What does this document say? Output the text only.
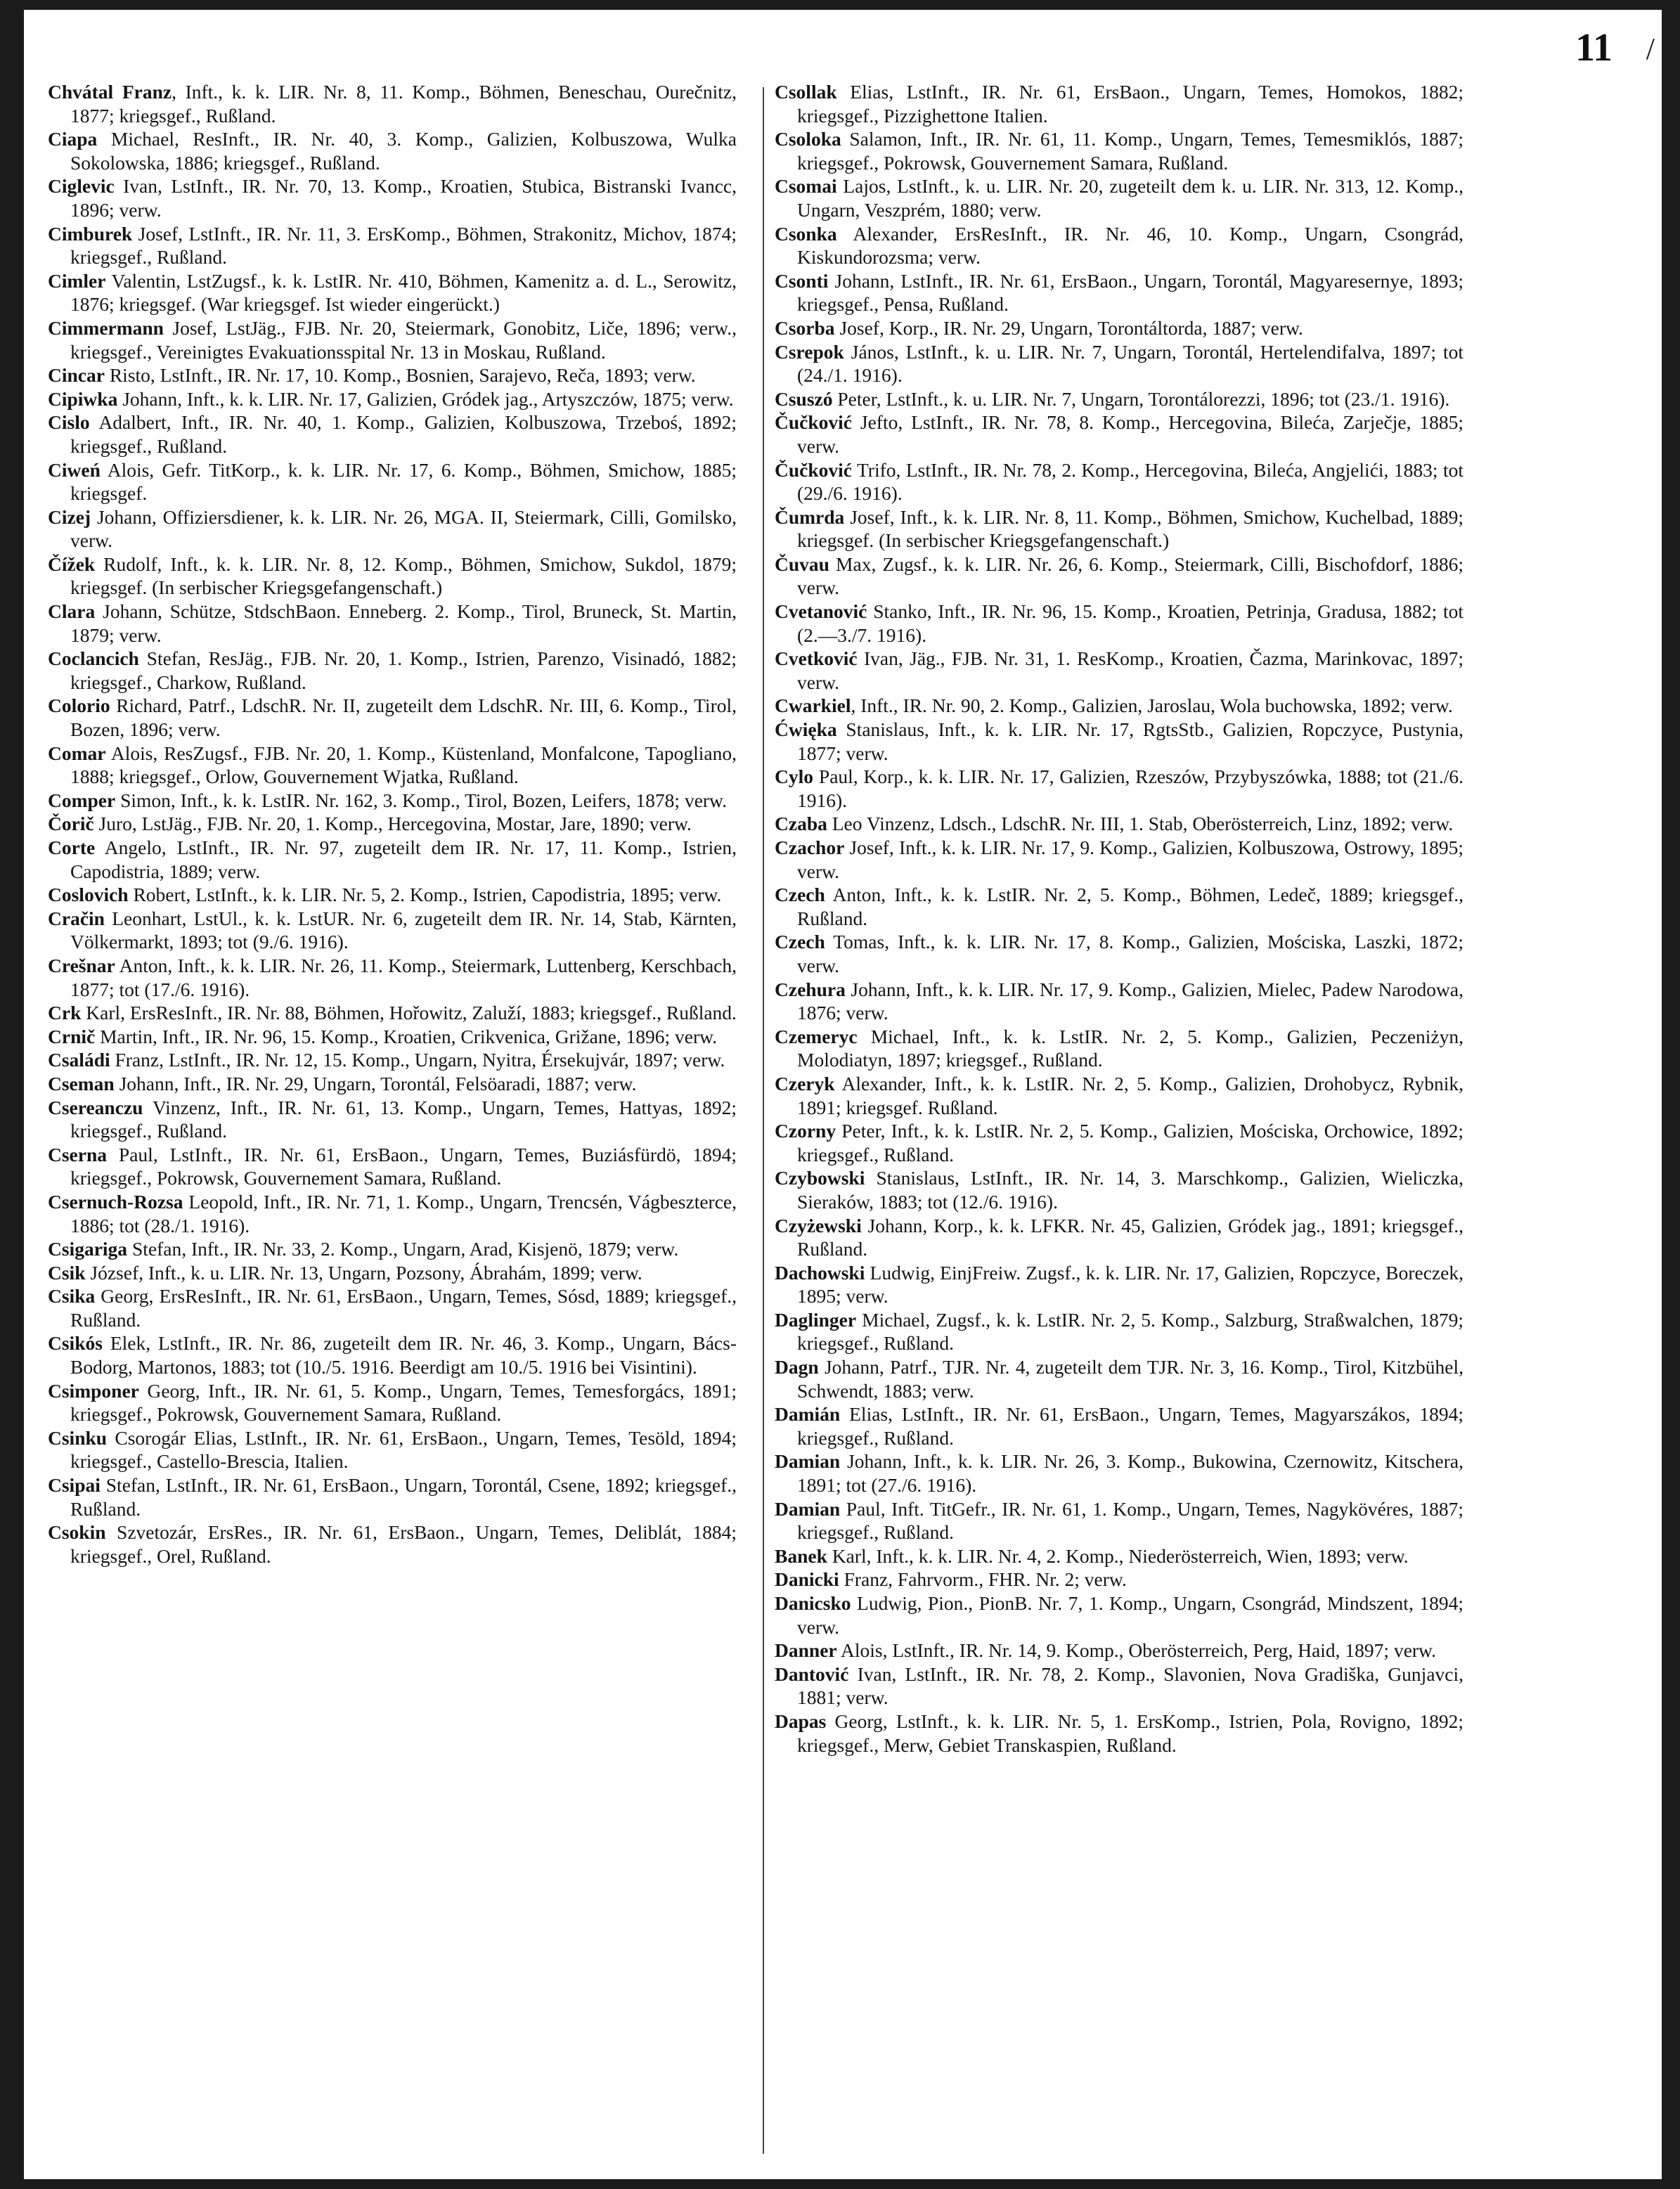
11 /

Chvátal Franz, Inft., k. k. LIR. Nr. 8, 11. Komp., Böhmen, Beneschau, Ourečnitz, 1877; kriegsgef., Rußland.

Ciapa Michael, ResInft., IR. Nr. 40, 3. Komp., Galizien, Kolbuszowa, Wulka Sokolowska, 1886; kriegsgef., Rußland.

Ciglevic Ivan, LstInft., IR. Nr. 70, 13. Komp., Kroatien, Stubica, Bistranski Ivancc, 1896; verw.

Cimburek Josef, LstInft., IR. Nr. 11, 3. ErsKomp., Böhmen, Strakonitz, Michov, 1874; kriegsgef., Rußland.

Cimler Valentin, LstZugsf., k. k. LstIR. Nr. 410, Böhmen, Kamenitz a. d. L., Serowitz, 1876; kriegsgef. (War kriegsgef. Ist wieder eingerückt.)

Cimmermann Josef, LstJäg., FJB. Nr. 20, Steiermark, Gonobitz, Liče, 1896; verw., kriegsgef., Vereinigtes Evakuationsspital Nr. 13 in Moskau, Rußland.

Cincar Risto, LstInft., IR. Nr. 17, 10. Komp., Bosnien, Sarajevo, Reča, 1893; verw.

Cipiwka Johann, Inft., k. k. LIR. Nr. 17, Galizien, Gródek jag., Artyszczów, 1875; verw.

Cislo Adalbert, Inft., IR. Nr. 40, 1. Komp., Galizien, Kolbuszowa, Trzeboś, 1892; kriegsgef., Rußland.

Ciweń Alois, Gefr. TitKorp., k. k. LIR. Nr. 17, 6. Komp., Böhmen, Smichow, 1885; kriegsgef.

Cizej Johann, Offiziersdiener, k. k. LIR. Nr. 26, MGA. II, Steiermark, Cilli, Gomilsko, verw.

Čížek Rudolf, Inft., k. k. LIR. Nr. 8, 12. Komp., Böhmen, Smichow, Sukdol, 1879; kriegsgef. (In serbischer Kriegsgefangenschaft.)

Clara Johann, Schütze, StdschBaon. Enneberg. 2. Komp., Tirol, Bruneck, St. Martin, 1879; verw.

Coclancich Stefan, ResJäg., FJB. Nr. 20, 1. Komp., Istrien, Parenzo, Visinadó, 1882; kriegsgef., Charkow, Rußland.

Colorio Richard, Patrf., LdschR. Nr. II, zugeteilt dem LdschR. Nr. III, 6. Komp., Tirol, Bozen, 1896; verw.

Comar Alois, ResZugsf., FJB. Nr. 20, 1. Komp., Küstenland, Monfalcone, Tapogliano, 1888; kriegsgef., Orlow, Gouvernement Wjatka, Rußland.

Comper Simon, Inft., k. k. LstIR. Nr. 162, 3. Komp., Tirol, Bozen, Leifers, 1878; verw.

Čorič Juro, LstJäg., FJB. Nr. 20, 1. Komp., Hercegovina, Mostar, Jare, 1890; verw.

Corte Angelo, LstInft., IR. Nr. 97, zugeteilt dem IR. Nr. 17, 11. Komp., Istrien, Capodistria, 1889; verw.

Coslovich Robert, LstInft., k. k. LIR. Nr. 5, 2. Komp., Istrien, Capodistria, 1895; verw.

Cračin Leonhart, LstUl., k. k. LstUR. Nr. 6, zugeteilt dem IR. Nr. 14, Stab, Kärnten, Völkermarkt, 1893; tot (9./6. 1916).

Crešnar Anton, Inft., k. k. LIR. Nr. 26, 11. Komp., Steiermark, Luttenberg, Kerschbach, 1877; tot (17./6. 1916).

Crk Karl, ErsResInft., IR. Nr. 88, Böhmen, Hořowitz, Zaluží, 1883; kriegsgef., Rußland.

Crnič Martin, Inft., IR. Nr. 96, 15. Komp., Kroatien, Crikvenica, Grižane, 1896; verw.

Családi Franz, LstInft., IR. Nr. 12, 15. Komp., Ungarn, Nyitra, Érsekujvár, 1897; verw.

Cseman Johann, Inft., IR. Nr. 29, Ungarn, Torontál, Felsöaradi, 1887; verw.

Csereanczu Vinzenz, Inft., IR. Nr. 61, 13. Komp., Ungarn, Temes, Hattyas, 1892; kriegsgef., Rußland.

Cserna Paul, LstInft., IR. Nr. 61, ErsBaon., Ungarn, Temes, Buziásfürdö, 1894; kriegsgef., Pokrowsk, Gouvernement Samara, Rußland.

Csernuch-Rozsa Leopold, Inft., IR. Nr. 71, 1. Komp., Ungarn, Trencsén, Vágbeszterce, 1886; tot (28./1. 1916).

Csigariga Stefan, Inft., IR. Nr. 33, 2. Komp., Ungarn, Arad, Kisjenö, 1879; verw.

Csik József, Inft., k. u. LIR. Nr. 13, Ungarn, Pozsony, Ábrahám, 1899; verw.

Csika Georg, ErsResInft., IR. Nr. 61, ErsBaon., Ungarn, Temes, Sósd, 1889; kriegsgef., Rußland.

Csikós Elek, LstInft., IR. Nr. 86, zugeteilt dem IR. Nr. 46, 3. Komp., Ungarn, Bács-Bodorg, Martonos, 1883; tot (10./5. 1916. Beerdigt am 10./5. 1916 bei Visintini).

Csimponer Georg, Inft., IR. Nr. 61, 5. Komp., Ungarn, Temes, Temesforgács, 1891; kriegsgef., Pokrowsk, Gouvernement Samara, Rußland.

Csinku Csorogár Elias, LstInft., IR. Nr. 61, ErsBaon., Ungarn, Temes, Tesöld, 1894; kriegsgef., Castello-Brescia, Italien.

Csipai Stefan, LstInft., IR. Nr. 61, ErsBaon., Ungarn, Torontál, Csene, 1892; kriegsgef., Rußland.

Csokin Szvetozár, ErsRes., IR. Nr. 61, ErsBaon., Ungarn, Temes, Deliblát, 1884; kriegsgef., Orel, Rußland.

Csollak Elias, LstInft., IR. Nr. 61, ErsBaon., Ungarn, Temes, Homokos, 1882; kriegsgef., Pizzighettone Italien.

Csoloka Salamon, Inft., IR. Nr. 61, 11. Komp., Ungarn, Temes, Temesmiklós, 1887; kriegsgef., Pokrowsk, Gouvernement Samara, Rußland.

Csomai Lajos, LstInft., k. u. LIR. Nr. 20, zugeteilt dem k. u. LIR. Nr. 313, 12. Komp., Ungarn, Veszprém, 1880; verw.

Csonka Alexander, ErsResInft., IR. Nr. 46, 10. Komp., Ungarn, Csongrád, Kiskundorozsma; verw.

Csonti Johann, LstInft., IR. Nr. 61, ErsBaon., Ungarn, Torontál, Magyaresernye, 1893; kriegsgef., Pensa, Rußland.

Csorba Josef, Korp., IR. Nr. 29, Ungarn, Torontáltorda, 1887; verw.

Csrepok János, LstInft., k. u. LIR. Nr. 7, Ungarn, Torontál, Hertelendifalva, 1897; tot (24./1. 1916).

Csuszó Peter, LstInft., k. u. LIR. Nr. 7, Ungarn, Torontálorezzi, 1896; tot (23./1. 1916).

Čučković Jefto, LstInft., IR. Nr. 78, 8. Komp., Hercegovina, Bileća, Zarječje, 1885; verw.

Čučković Trifo, LstInft., IR. Nr. 78, 2. Komp., Hercegovina, Bileća, Angjelići, 1883; tot (29./6. 1916).

Čumrda Josef, Inft., k. k. LIR. Nr. 8, 11. Komp., Böhmen, Smichow, Kuchelbad, 1889; kriegsgef. (In serbischer Kriegsgefangenschaft.)

Čuvau Max, Zugsf., k. k. LIR. Nr. 26, 6. Komp., Steiermark, Cilli, Bischofdorf, 1886; verw.

Cvetanović Stanko, Inft., IR. Nr. 96, 15. Komp., Kroatien, Petrinja, Gradusa, 1882; tot (2.—3./7. 1916).

Cvetković Ivan, Jäg., FJB. Nr. 31, 1. ResKomp., Kroatien, Čazma, Marinkovac, 1897; verw.

Cwarkiel, Inft., IR. Nr. 90, 2. Komp., Galizien, Jaroslau, Wola buchowska, 1892; verw.

Ćwięka Stanislaus, Inft., k. k. LIR. Nr. 17, RgtsStb., Galizien, Ropczyce, Pustynia, 1877; verw.

Cylo Paul, Korp., k. k. LIR. Nr. 17, Galizien, Rzeszów, Przybyszówka, 1888; tot (21./6. 1916).

Czaba Leo Vinzenz, Ldsch., LdschR. Nr. III, 1. Stab, Oberösterreich, Linz, 1892; verw.

Czachor Josef, Inft., k. k. LIR. Nr. 17, 9. Komp., Galizien, Kolbuszowa, Ostrowy, 1895; verw.

Czech Anton, Inft., k. k. LstIR. Nr. 2, 5. Komp., Böhmen, Ledeč, 1889; kriegsgef., Rußland.

Czech Tomas, Inft., k. k. LIR. Nr. 17, 8. Komp., Galizien, Mościska, Laszki, 1872; verw.

Czehura Johann, Inft., k. k. LIR. Nr. 17, 9. Komp., Galizien, Mielec, Padew Narodowa, 1876; verw.

Czemeryc Michael, Inft., k. k. LstIR. Nr. 2, 5. Komp., Galizien, Peczeniżyn, Molodiatyn, 1897; kriegsgef., Rußland.

Czeryk Alexander, Inft., k. k. LstIR. Nr. 2, 5. Komp., Galizien, Drohobycz, Rybnik, 1891; kriegsgef. Rußland.

Czorny Peter, Inft., k. k. LstIR. Nr. 2, 5. Komp., Galizien, Mościska, Orchowice, 1892; kriegsgef., Rußland.

Czybowski Stanislaus, LstInft., IR. Nr. 14, 3. Marschkomp., Galizien, Wieliczka, Sieraków, 1883; tot (12./6. 1916).

Czyżewski Johann, Korp., k. k. LFKR. Nr. 45, Galizien, Gródek jag., 1891; kriegsgef., Rußland.

Dachowski Ludwig, EinjFreiw. Zugsf., k. k. LIR. Nr. 17, Galizien, Ropczyce, Boreczek, 1895; verw.

Daglinger Michael, Zugsf., k. k. LstIR. Nr. 2, 5. Komp., Salzburg, Straßwalchen, 1879; kriegsgef., Rußland.

Dagn Johann, Patrf., TJR. Nr. 4, zugeteilt dem TJR. Nr. 3, 16. Komp., Tirol, Kitzbühel, Schwendt, 1883; verw.

Damián Elias, LstInft., IR. Nr. 61, ErsBaon., Ungarn, Temes, Magyarszákos, 1894; kriegsgef., Rußland.

Damian Johann, Inft., k. k. LIR. Nr. 26, 3. Komp., Bukowina, Czernowitz, Kitschera, 1891; tot (27./6. 1916).

Damian Paul, Inft. TitGefr., IR. Nr. 61, 1. Komp., Ungarn, Temes, Nagykövéres, 1887; kriegsgef., Rußland.

Banek Karl, Inft., k. k. LIR. Nr. 4, 2. Komp., Niederösterreich, Wien, 1893; verw.

Danicki Franz, Fahrvorm., FHR. Nr. 2; verw.

Danicsko Ludwig, Pion., PionB. Nr. 7, 1. Komp., Ungarn, Csongrád, Mindszent, 1894; verw.

Danner Alois, LstInft., IR. Nr. 14, 9. Komp., Oberösterreich, Perg, Haid, 1897; verw.

Dantović Ivan, LstInft., IR. Nr. 78, 2. Komp., Slavonien, Nova Gradiška, Gunjavci, 1881; verw.

Dapas Georg, LstInft., k. k. LIR. Nr. 5, 1. ErsKomp., Istrien, Pola, Rovigno, 1892; kriegsgef., Merw, Gebiet Transkaspien, Rußland.
